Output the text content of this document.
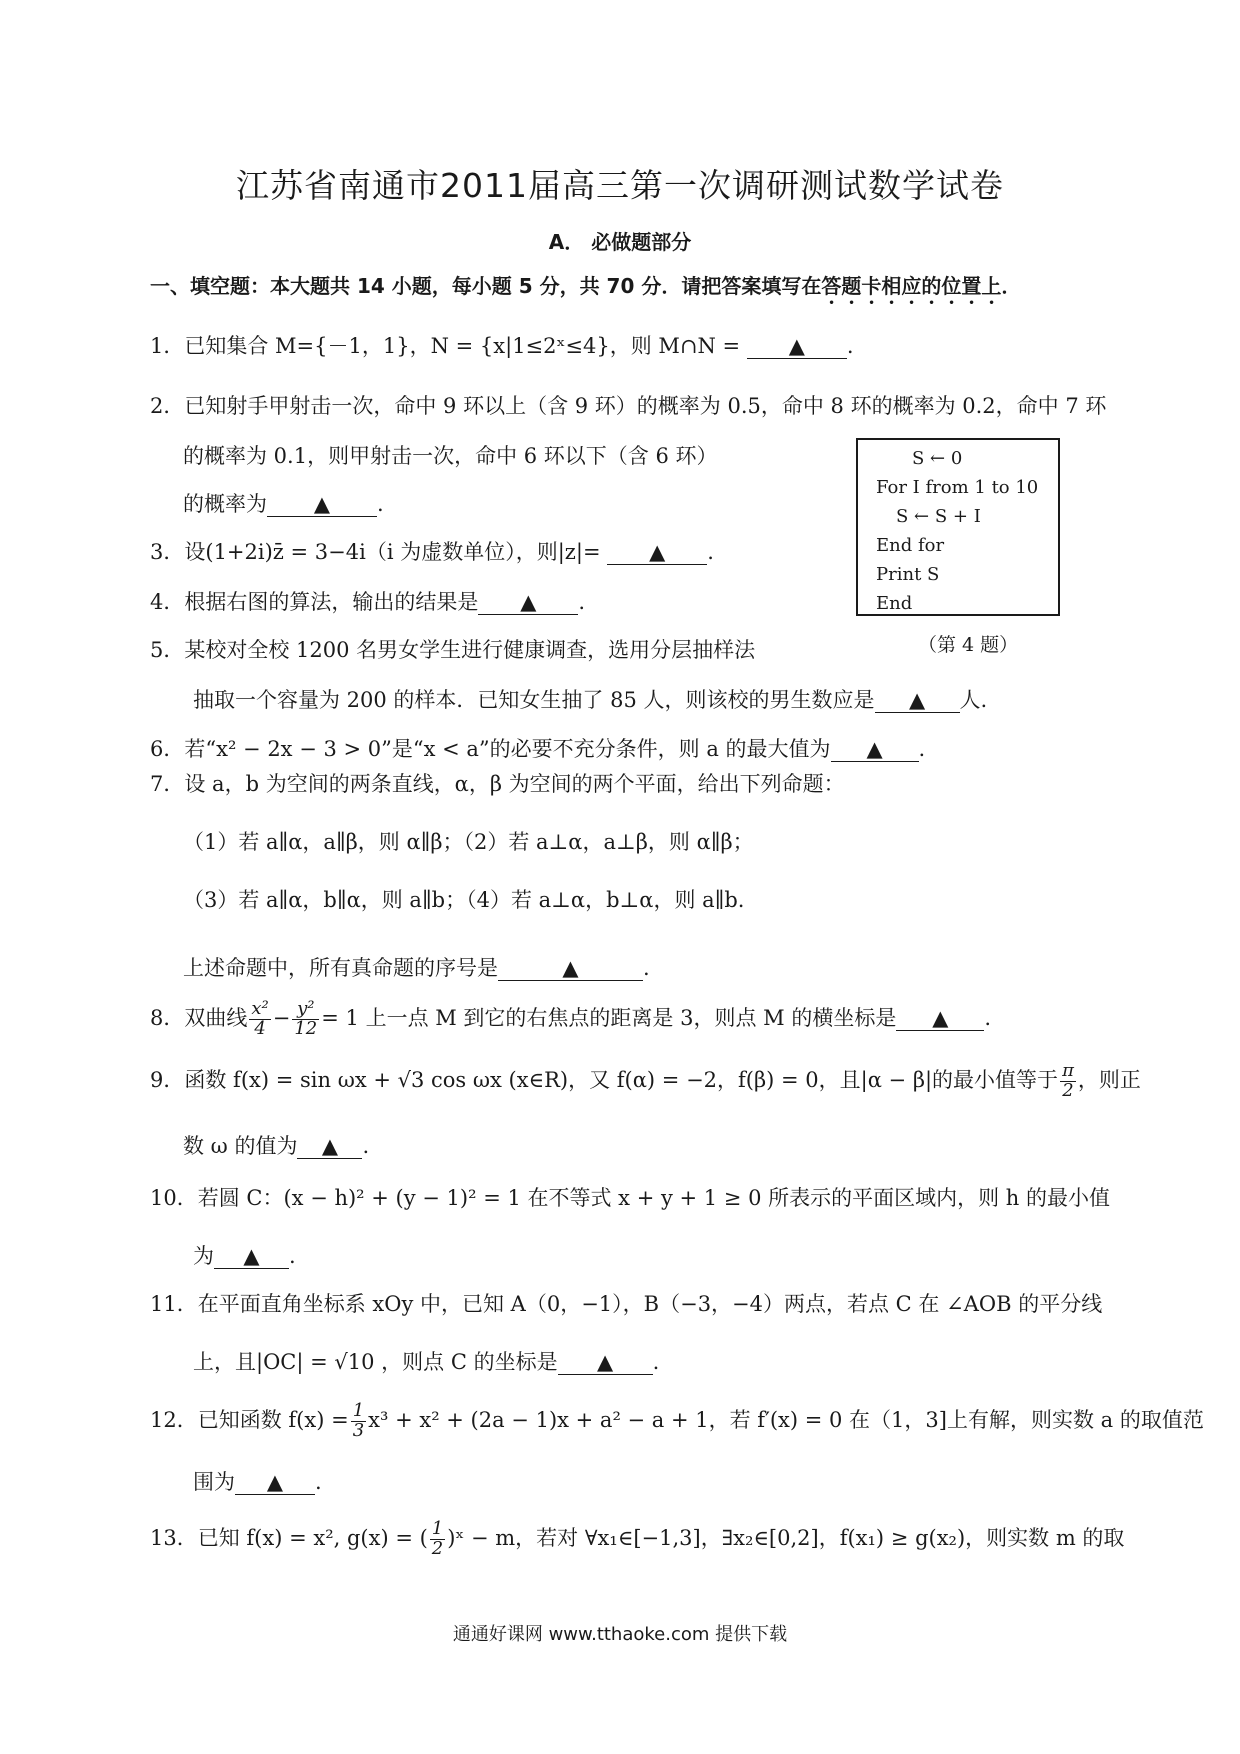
江苏省南通市2011届高三第一次调研测试数学试卷
A． 必做题部分
一、填空题：本大题共 14 小题，每小题 5 分，共 70 分．请把答案填写在答题卡相应的位置上．
1．已知集合 M={－1，1}，N = {x|1≤2ˣ≤4}，则 M∩N = ▲ .
2．已知射手甲射击一次，命中 9 环以上（含 9 环）的概率为 0.5，命中 8 环的概率为 0.2，命中 7 环
的概率为 0.1，则甲射击一次，命中 6 环以下（含 6 环）
的概率为 ▲ .
S ← 0
For I from 1 to 10
S ← S + I
End for
Print S
End
（第 4 题）
3．设(1+2i)z̄ = 3−4i（i 为虚数单位），则|z|= ▲ .
4．根据右图的算法，输出的结果是 ▲ .
5．某校对全校 1200 名男女学生进行健康调查，选用分层抽样法
抽取一个容量为 200 的样本．已知女生抽了 85 人，则该校的男生数应是 ▲ 人.
6．若“x² − 2x − 3 > 0”是“x < a”的必要不充分条件，则 a 的最大值为 ▲ .
7．设 a，b 为空间的两条直线，α，β 为空间的两个平面，给出下列命题：
（1）若 a∥α，a∥β，则 α∥β；（2）若 a⊥α，a⊥β，则 α∥β；
（3）若 a∥α，b∥α，则 a∥b；（4）若 a⊥α，b⊥α，则 a∥b.
上述命题中，所有真命题的序号是	▲	.
8．双曲线 $\frac{\text{x²}}{4} - \frac{\text{y²}}{12} = 1$ 上一点 M 到它的右焦点的距离是 3，则点 M 的横坐标是 ▲ .
9．函数 f(x) = sin ωx + √3 cos ωx (x∈R)，又 f(α) = −2，f(β) = 0，且|α − β|的最小值等于 $\frac{\pi}{2}$ ，则正
数 ω 的值为 ▲ .
10．若圆 C：(x − h)² + (y − 1)² = 1 在不等式 x + y + 1 ≥ 0 所表示的平面区域内，则 h 的最小值
为 ▲ .
11．在平面直角坐标系 xOy 中，已知 A（0，−1），B（−3，−4）两点，若点 C 在 ∠AOB 的平分线
上，且|OC| = √10 ，则点 C 的坐标是 ▲ .
12．已知函数 $f(x) = \frac{1}{3} x^3 + x^2 + (2a - 1)x + a^2 - a + 1$，若 f′(x) = 0 在（1，3]上有解，则实数 a 的取值范
围为 ▲ .
13．已知 f(x) = x², g(x) = ( $\frac{1}{2}$ )ˣ − m，若对 ∀x₁∈[−1,3]，∃x₂∈[0,2]，f(x₁) ≥ g(x₂)，则实数 m 的取
通通好课网 www.tthaoke.com 提供下载
